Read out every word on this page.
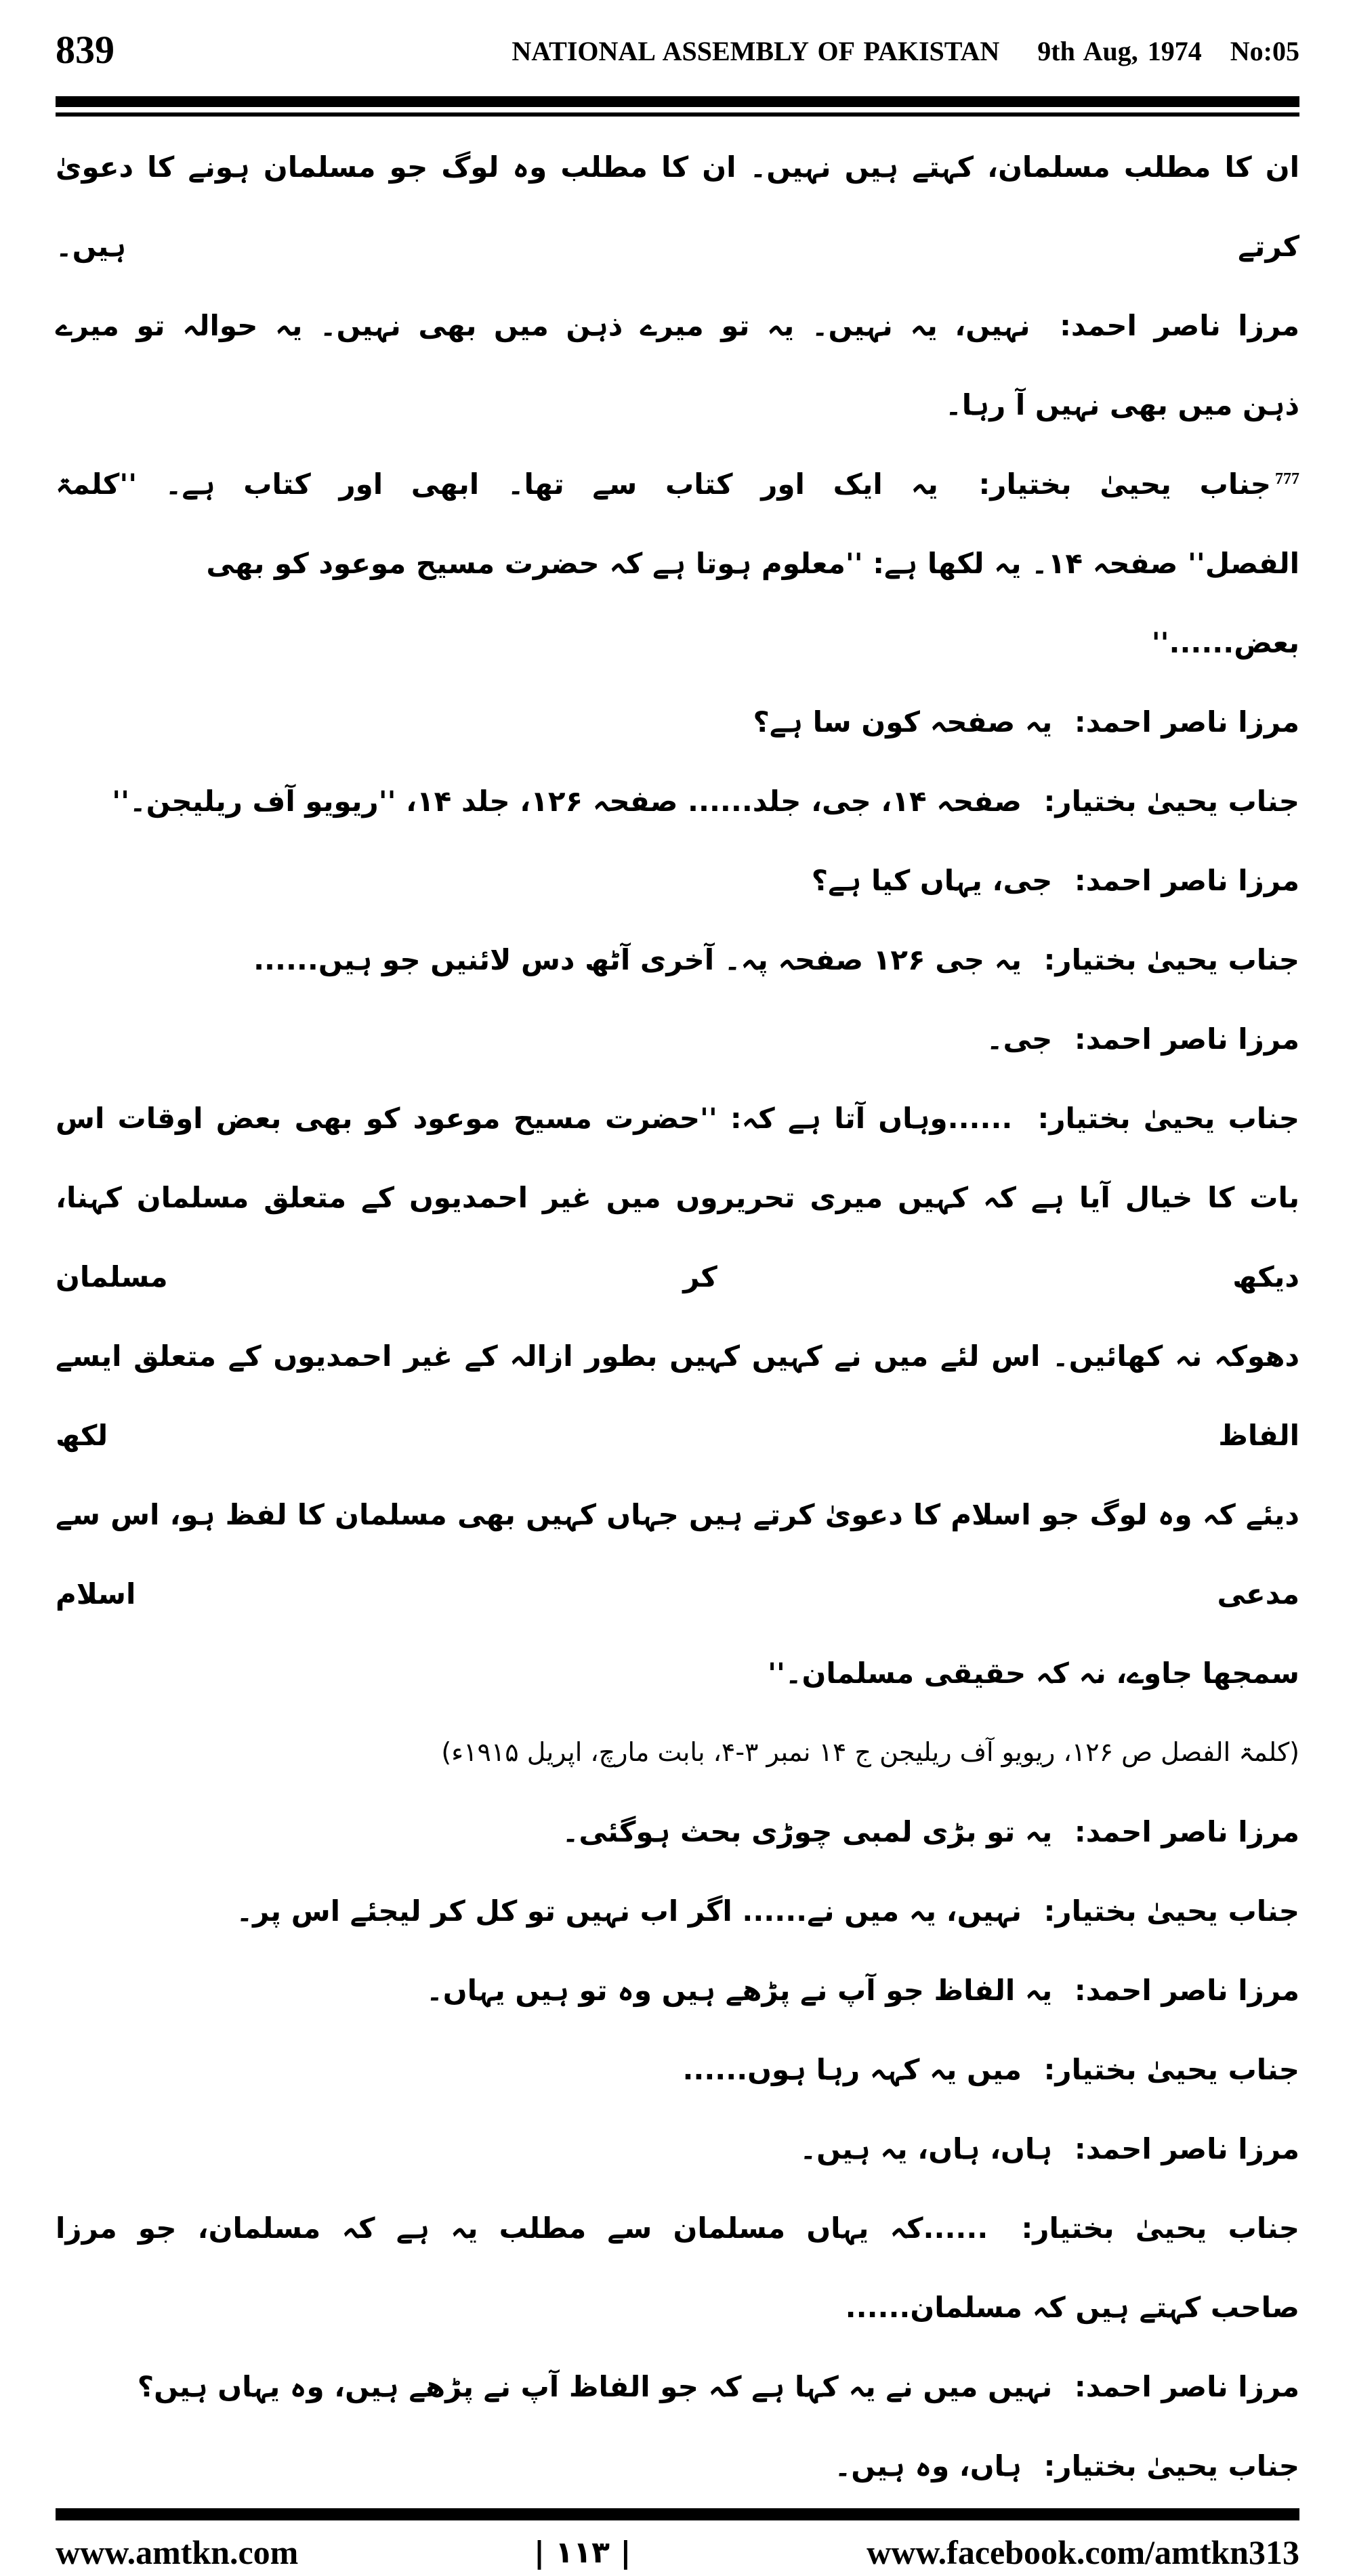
839	NATIONAL ASSEMBLY OF PAKISTAN    9th Aug, 1974   No:05
ان کا مطلب مسلمان، کہتے ہیں نہیں۔ ان کا مطلب وہ لوگ جو مسلمان ہونے کا دعویٰ کرتے ہیں۔
مرزا ناصر احمد: نہیں، یہ نہیں۔ یہ تو میرے ذہن میں بھی نہیں۔ یہ حوالہ تو میرے
ذہن میں بھی نہیں آ رہا۔
$^{777}$جناب یحییٰ بختیار: یہ ایک اور کتاب سے تھا۔ ابھی اور کتاب ہے۔ ''کلمۃ
الفصل'' صفحہ ۱۴۔ یہ لکھا ہے: ''معلوم ہوتا ہے کہ حضرت مسیح موعود کو بھی بعض......''
مرزا ناصر احمد: یہ صفحہ کون سا ہے؟
جناب یحییٰ بختیار: صفحہ ۱۴، جی، جلد...... صفحہ ۱۲۶، جلد ۱۴، ''ریویو آف ریلیجن۔''
مرزا ناصر احمد: جی، یہاں کیا ہے؟
جناب یحییٰ بختیار: یہ جی ۱۲۶ صفحہ پہ۔ آخری آٹھ دس لائنیں جو ہیں......
مرزا ناصر احمد: جی۔
جناب یحییٰ بختیار: ......وہاں آتا ہے کہ: ''حضرت مسیح موعود کو بھی بعض اوقات اس
بات کا خیال آیا ہے کہ کہیں میری تحریروں میں غیر احمدیوں کے متعلق مسلمان کہنا، دیکھ کر مسلمان
دھوکہ نہ کھائیں۔ اس لئے میں نے کہیں کہیں بطور ازالہ کے غیر احمدیوں کے متعلق ایسے الفاظ لکھ
دیئے کہ وہ لوگ جو اسلام کا دعویٰ کرتے ہیں جہاں کہیں بھی مسلمان کا لفظ ہو، اس سے مدعی اسلام
سمجھا جاوے، نہ کہ حقیقی مسلمان۔''
(کلمۃ الفصل ص ۱۲۶، ریویو آف ریلیجن ج ۱۴ نمبر ۳-۴، بابت مارچ، اپریل ۱۹۱۵ء)
مرزا ناصر احمد: یہ تو بڑی لمبی چوڑی بحث ہوگئی۔
جناب یحییٰ بختیار: نہیں، یہ میں نے...... اگر اب نہیں تو کل کر لیجئے اس پر۔
مرزا ناصر احمد: یہ الفاظ جو آپ نے پڑھے ہیں وہ تو ہیں یہاں۔
جناب یحییٰ بختیار: میں یہ کہہ رہا ہوں......
مرزا ناصر احمد: ہاں، ہاں، یہ ہیں۔
جناب یحییٰ بختیار: ......کہ یہاں مسلمان سے مطلب یہ ہے کہ مسلمان، جو مرزا
صاحب کہتے ہیں کہ مسلمان......
مرزا ناصر احمد: نہیں میں نے یہ کہا ہے کہ جو الفاظ آپ نے پڑھے ہیں، وہ یہاں ہیں؟
جناب یحییٰ بختیار: ہاں، وہ ہیں۔
www.amtkn.com	| ۱۱۳ |	www.facebook.com/amtkn313
